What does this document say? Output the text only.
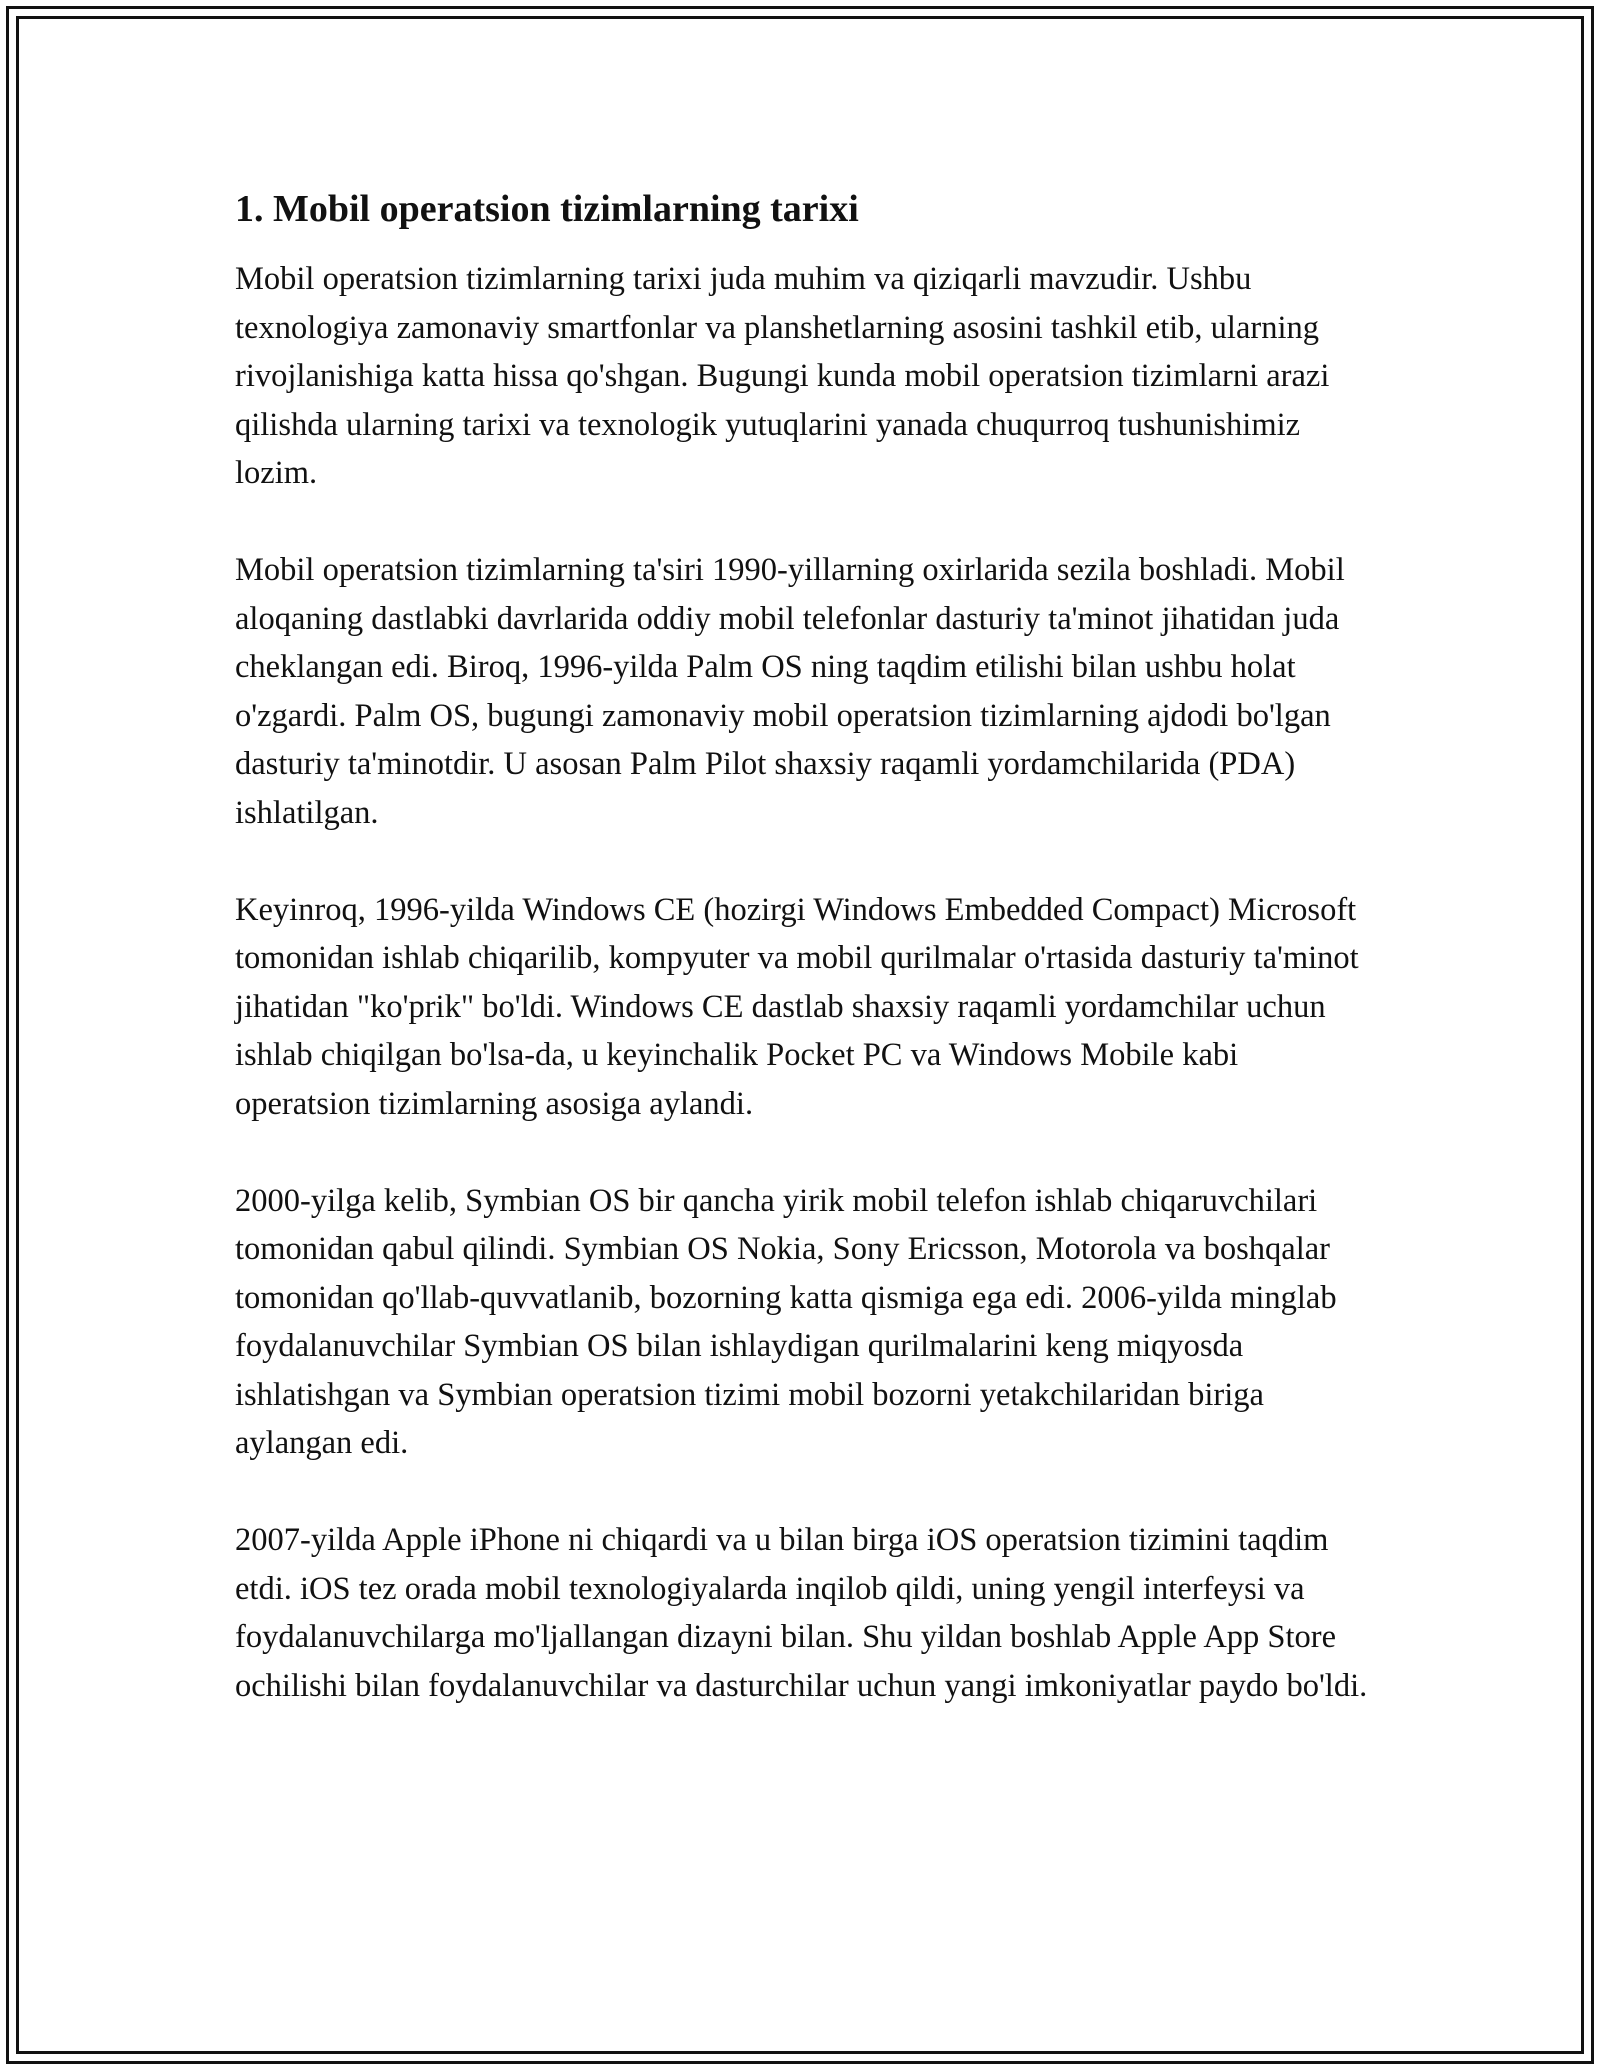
1. Mobil operatsion tizimlarning tarixi

Mobil operatsion tizimlarning tarixi juda muhim va qiziqarli mavzudir. Ushbu texnologiya zamonaviy smartfonlar va planshetlarning asosini tashkil etib, ularning rivojlanishiga katta hissa qo'shgan. Bugungi kunda mobil operatsion tizimlarni arazi qilishda ularning tarixi va texnologik yutuqlarini yanada chuqurroq tushunishimiz lozim.

Mobil operatsion tizimlarning ta'siri 1990-yillarning oxirlarida sezila boshladi. Mobil aloqaning dastlabki davrlarida oddiy mobil telefonlar dasturiy ta'minot jihatidan juda cheklangan edi. Biroq, 1996-yilda Palm OS ning taqdim etilishi bilan ushbu holat o'zgardi. Palm OS, bugungi zamonaviy mobil operatsion tizimlarning ajdodi bo'lgan dasturiy ta'minotdir. U asosan Palm Pilot shaxsiy raqamli yordamchilarida (PDA) ishlatilgan.

Keyinroq, 1996-yilda Windows CE (hozirgi Windows Embedded Compact) Microsoft tomonidan ishlab chiqarilib, kompyuter va mobil qurilmalar o'rtasida dasturiy ta'minot jihatidan "ko'prik" bo'ldi. Windows CE dastlab shaxsiy raqamli yordamchilar uchun ishlab chiqilgan bo'lsa-da, u keyinchalik Pocket PC va Windows Mobile kabi operatsion tizimlarning asosiga aylandi.

2000-yilga kelib, Symbian OS bir qancha yirik mobil telefon ishlab chiqaruvchilari tomonidan qabul qilindi. Symbian OS Nokia, Sony Ericsson, Motorola va boshqalar tomonidan qo'llab-quvvatlanib, bozorning katta qismiga ega edi. 2006-yilda minglab foydalanuvchilar Symbian OS bilan ishlaydigan qurilmalarini keng miqyosda ishlatishgan va Symbian operatsion tizimi mobil bozorni yetakchilaridan biriga aylangan edi.

2007-yilda Apple iPhone ni chiqardi va u bilan birga iOS operatsion tizimini taqdim etdi. iOS tez orada mobil texnologiyalarda inqilob qildi, uning yengil interfeysi va foydalanuvchilarga mo'ljallangan dizayni bilan. Shu yildan boshlab Apple App Store ochilishi bilan foydalanuvchilar va dasturchilar uchun yangi imkoniyatlar paydo bo'ldi.
